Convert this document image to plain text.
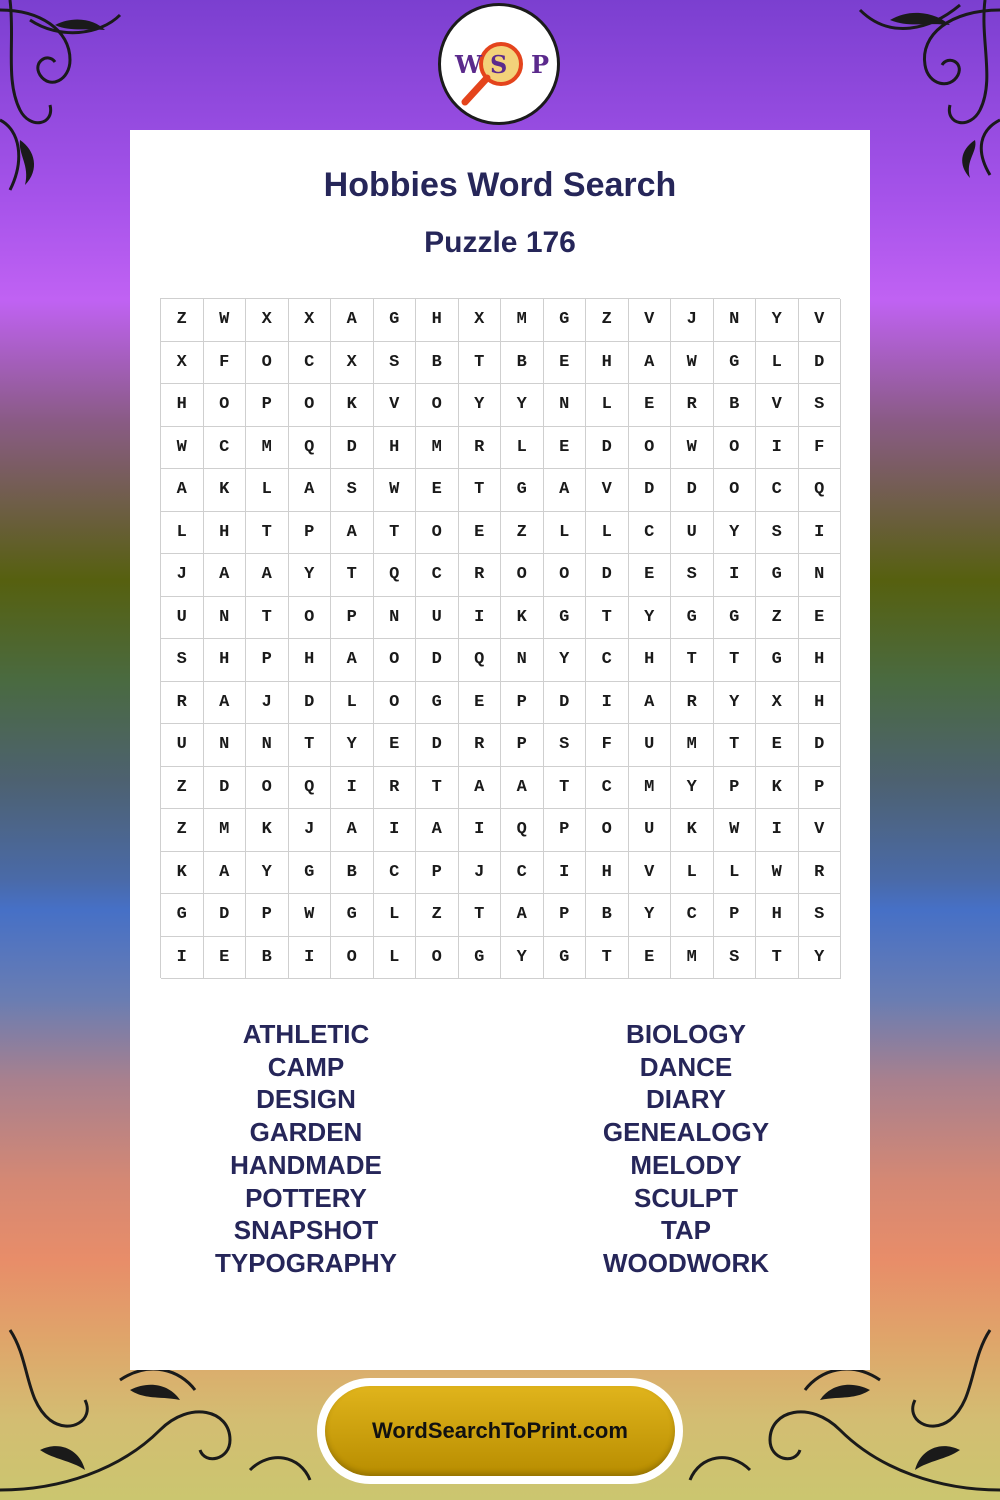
W S P
Hobbies Word Search
Puzzle 176
Z	W	X	X	A	G	H	X	M	G	Z	V	J	N	Y	V
X	F	O	C	X	S	B	T	B	E	H	A	W	G	L	D
H	O	P	O	K	V	O	Y	Y	N	L	E	R	B	V	S
W	C	M	Q	D	H	M	R	L	E	D	O	W	O	I	F
A	K	L	A	S	W	E	T	G	A	V	D	D	O	C	Q
L	H	T	P	A	T	O	E	Z	L	L	C	U	Y	S	I
J	A	A	Y	T	Q	C	R	O	O	D	E	S	I	G	N
U	N	T	O	P	N	U	I	K	G	T	Y	G	G	Z	E
S	H	P	H	A	O	D	Q	N	Y	C	H	T	T	G	H
R	A	J	D	L	O	G	E	P	D	I	A	R	Y	X	H
U	N	N	T	Y	E	D	R	P	S	F	U	M	T	E	D
Z	D	O	Q	I	R	T	A	A	T	C	M	Y	P	K	P
Z	M	K	J	A	I	A	I	Q	P	O	U	K	W	I	V
K	A	Y	G	B	C	P	J	C	I	H	V	L	L	W	R
G	D	P	W	G	L	Z	T	A	P	B	Y	C	P	H	S
I	E	B	I	O	L	O	G	Y	G	T	E	M	S	T	Y
ATHLETIC
CAMP
DESIGN
GARDEN
HANDMADE
POTTERY
SNAPSHOT
TYPOGRAPHY
BIOLOGY
DANCE
DIARY
GENEALOGY
MELODY
SCULPT
TAP
WOODWORK
WordSearchToPrint.com
